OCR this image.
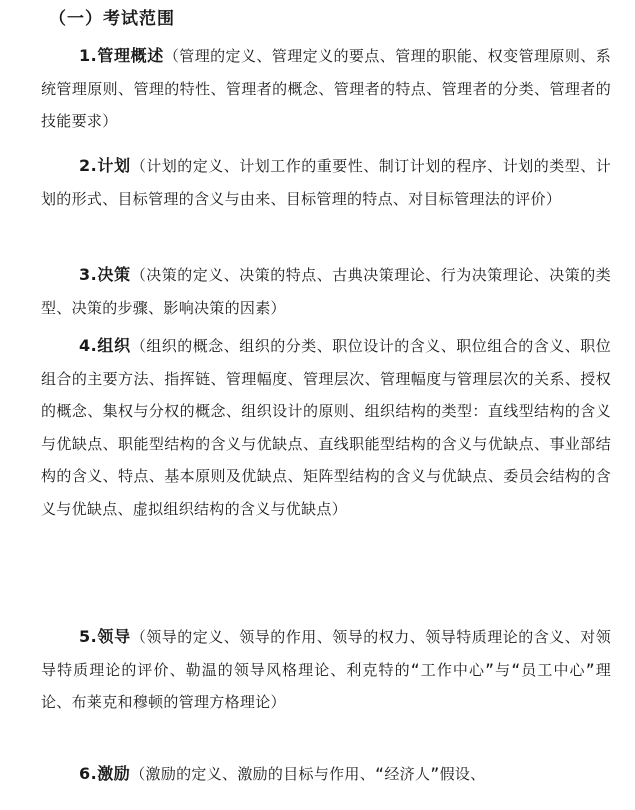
（一）考试范围

1.管理概述（管理的定义、管理定义的要点、管理的职能、权变管理原则、系统管理原则、管理的特性、管理者的概念、管理者的特点、管理者的分类、管理者的技能要求）

2.计划（计划的定义、计划工作的重要性、制订计划的程序、计划的类型、计划的形式、目标管理的含义与由来、目标管理的特点、对目标管理法的评价）

3.决策（决策的定义、决策的特点、古典决策理论、行为决策理论、决策的类型、决策的步骤、影响决策的因素）

4.组织（组织的概念、组织的分类、职位设计的含义、职位组合的含义、职位组合的主要方法、指挥链、管理幅度、管理层次、管理幅度与管理层次的关系、授权的概念、集权与分权的概念、组织设计的原则、组织结构的类型：直线型结构的含义与优缺点、职能型结构的含义与优缺点、直线职能型结构的含义与优缺点、事业部结构的含义、特点、基本原则及优缺点、矩阵型结构的含义与优缺点、委员会结构的含义与优缺点、虚拟组织结构的含义与优缺点）

5.领导（领导的定义、领导的作用、领导的权力、领导特质理论的含义、对领导特质理论的评价、勒温的领导风格理论、利克特的“工作中心”与“员工中心”理论、布莱克和穆顿的管理方格理论）

6.激励（激励的定义、激励的目标与作用、“经济人”假设、
